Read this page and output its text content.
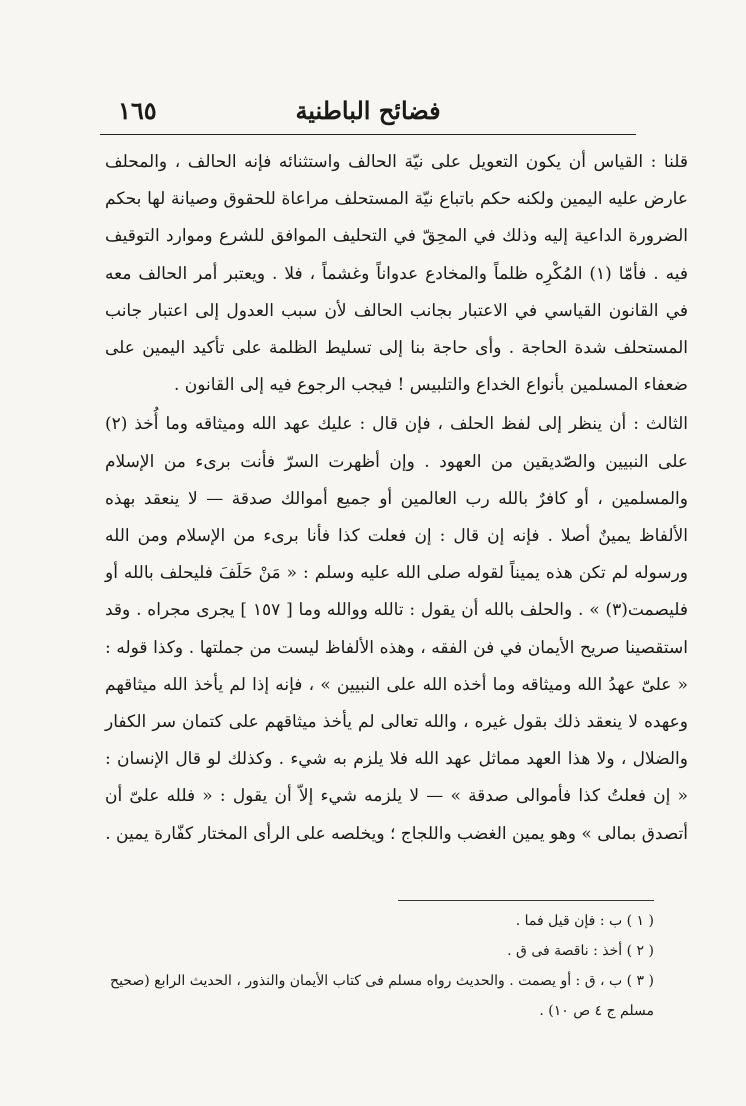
فضائح الباطنية
١٦٥

قلنا : القياس أن يكون التعويل على نيّة الحالف واستثنائه فإنه الحالف ، والمحلف عارض عليه اليمين ولكنه حكم باتباع نيّة المستحلف مراعاة للحقوق وصيانة لها بحكم الضرورة الداعية إليه وذلك في المحِقّ في التحليف الموافق للشرع وموارد التوقيف فيه . فأمّا (١) المُكْرِه ظلماً والمخادع عدواناً وغشماً ، فلا . ويعتبر أمر الحالف معه في القانون القياسي في الاعتبار بجانب الحالف لأن سبب العدول إلى اعتبار جانب المستحلف شدة الحاجة . وأى حاجة بنا إلى تسليط الظلمة على تأكيد اليمين على ضعفاء المسلمين بأنواع الخداع والتلبيس ! فيجب الرجوع فيه إلى القانون .

الثالث : أن ينظر إلى لفظ الحلف ، فإن قال : عليك عهد الله وميثاقه وما أُخذ (٢) على النبيين والصّديقين من العهود . وإن أظهرت السرّ فأنت برىء من الإسلام والمسلمين ، أو كافرٌ بالله رب العالمين أو جميع أموالك صدقة — لا ينعقد بهذه الألفاظ يمينٌ أصلا . فإنه إن قال : إن فعلت كذا فأنا برىء من الإسلام ومن الله ورسوله لم تكن هذه يميناً لقوله صلى الله عليه وسلم : « مَنْ حَلَفَ فليحلف بالله أو فليصمت(٣) » . والحلف بالله أن يقول : تالله ووالله وما [ ١٥٧ ] يجرى مجراه . وقد استقصينا صريح الأيمان في فن الفقه ، وهذه الألفاظ ليست من جملتها . وكذا قوله : « علىّ عهدُ الله وميثاقه وما أخذه الله على النبيين » ، فإنه إذا لم يأخذ الله ميثاقهم وعهده لا ينعقد ذلك بقول غيره ، والله تعالى لم يأخذ ميثاقهم على كتمان سر الكفار والضلال ، ولا هذا العهد مماثل عهد الله فلا يلزم به شيء . وكذلك لو قال الإنسان : « إن فعلتُ كذا فأموالى صدقة » — لا يلزمه شيء إلاّ أن يقول : « فلله علىّ أن أتصدق بمالى » وهو يمين الغضب واللجاج ؛ ويخلصه على الرأى المختار كفّارة يمين .

( ١ ) ب : فإن قيل فما .

( ٢ ) أخذ : ناقصة فى ق .

( ٣ ) ب ، ق : أو يصمت . والحديث رواه مسلم فى كتاب الأيمان والنذور ، الحديث الرابع (صحيح مسلم ج ٤ ص ١٠) .
